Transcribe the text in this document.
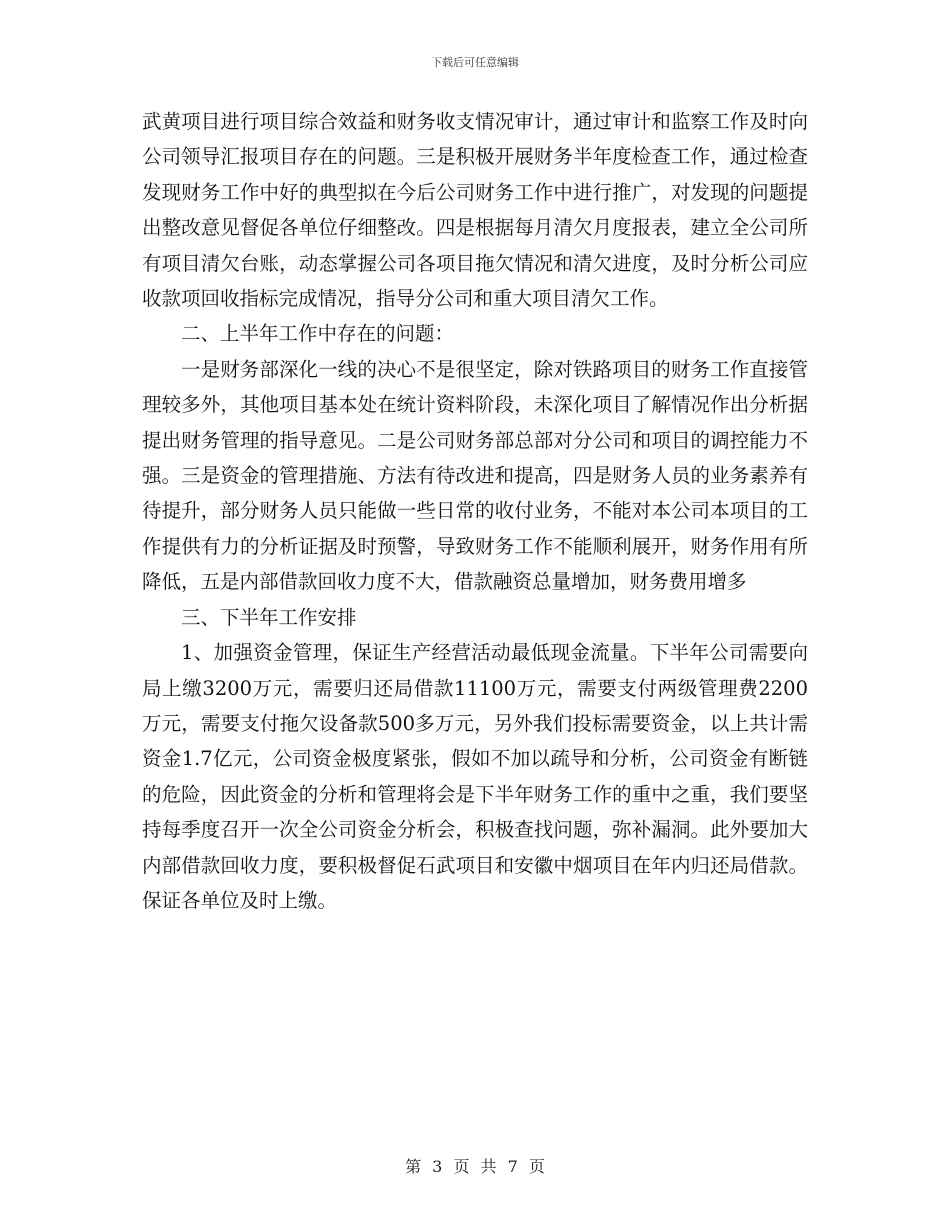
下载后可任意编辑

武黄项目进行项目综合效益和财务收支情况审计，通过审计和监察工作及时向公司领导汇报项目存在的问题。三是积极开展财务半年度检查工作，通过检查发现财务工作中好的典型拟在今后公司财务工作中进行推广，对发现的问题提出整改意见督促各单位仔细整改。四是根据每月清欠月度报表，建立全公司所有项目清欠台账，动态掌握公司各项目拖欠情况和清欠进度，及时分析公司应收款项回收指标完成情况，指导分公司和重大项目清欠工作。

二、上半年工作中存在的问题：

一是财务部深化一线的决心不是很坚定，除对铁路项目的财务工作直接管理较多外，其他项目基本处在统计资料阶段，未深化项目了解情况作出分析据提出财务管理的指导意见。二是公司财务部总部对分公司和项目的调控能力不强。三是资金的管理措施、方法有待改进和提高，四是财务人员的业务素养有待提升，部分财务人员只能做一些日常的收付业务，不能对本公司本项目的工作提供有力的分析证据及时预警，导致财务工作不能顺利展开，财务作用有所降低，五是内部借款回收力度不大，借款融资总量增加，财务费用增多

三、下半年工作安排

1、加强资金管理，保证生产经营活动最低现金流量。下半年公司需要向局上缴3200万元，需要归还局借款11100万元，需要支付两级管理费2200万元，需要支付拖欠设备款500多万元，另外我们投标需要资金，以上共计需资金1.7亿元，公司资金极度紧张，假如不加以疏导和分析，公司资金有断链的危险，因此资金的分析和管理将会是下半年财务工作的重中之重，我们要坚持每季度召开一次全公司资金分析会，积极查找问题，弥补漏洞。此外要加大内部借款回收力度，要积极督促石武项目和安徽中烟项目在年内归还局借款。保证各单位及时上缴。

第 3 页 共 7 页
